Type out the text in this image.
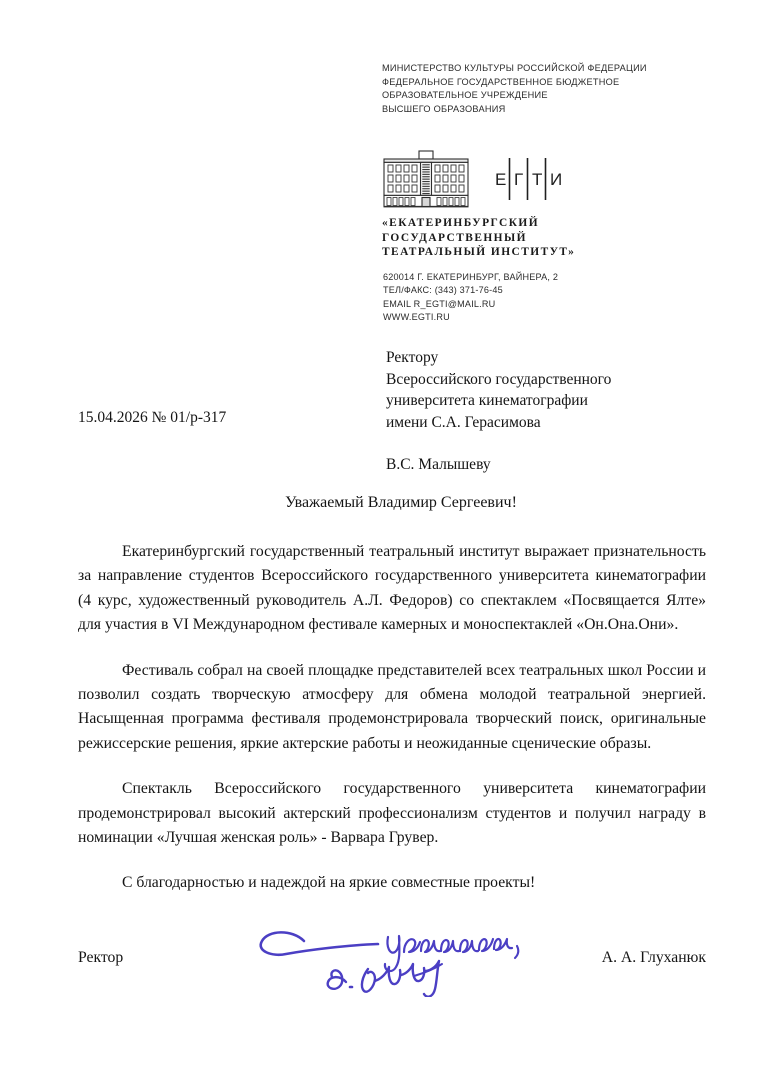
МИНИСТЕРСТВО КУЛЬТУРЫ РОССИЙСКОЙ ФЕДЕРАЦИИ
ФЕДЕРАЛЬНОЕ ГОСУДАРСТВЕННОЕ БЮДЖЕТНОЕ
ОБРАЗОВАТЕЛЬНОЕ УЧРЕЖДЕНИЕ
ВЫСШЕГО ОБРАЗОВАНИЯ
Е Г Т И
«ЕКАТЕРИНБУРГСКИЙ
ГОСУДАРСТВЕННЫЙ
ТЕАТРАЛЬНЫЙ ИНСТИТУТ»
620014 Г. ЕКАТЕРИНБУРГ, ВАЙНЕРА, 2
ТЕЛ/ФАКС: (343) 371-76-45
EMAIL R_EGTI@MAIL.RU
WWW.EGTI.RU
Ректору
Всероссийского государственного
университета кинематографии
имени С.А. Герасимова
В.С. Малышеву
15.04.2026 № 01/р-317
Уважаемый Владимир Сергеевич!

Екатеринбургский государственный театральный институт выражает признательность за направление студентов Всероссийского государственного университета кинематографии (4 курс, художественный руководитель А.Л. Федоров) со спектаклем «Посвящается Ялте» для участия в VI Международном фестивале камерных и моноспектаклей «Он.Она.Они».

Фестиваль собрал на своей площадке представителей всех театральных школ России и позволил создать творческую атмосферу для обмена молодой театральной энергией. Насыщенная программа фестиваля продемонстрировала творческий поиск, оригинальные режиссерские решения, яркие актерские работы и неожиданные сценические образы.

Спектакль Всероссийского государственного университета кинематографии продемонстрировал высокий актерский профессионализм студентов и получил награду в номинации «Лучшая женская роль» - Варвара Грувер.

С благодарностью и надеждой на яркие совместные проекты!

Ректор	А. А. Глуханюк
